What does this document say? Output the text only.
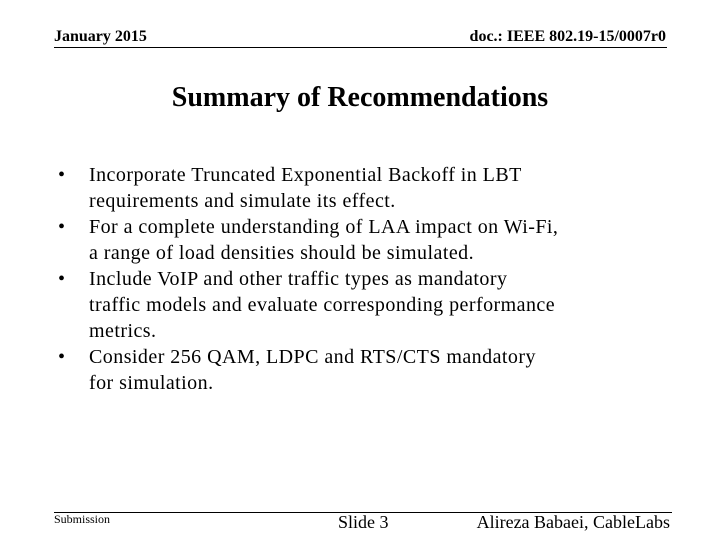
January 2015	doc.: IEEE 802.19-15/0007r0
Summary of Recommendations
•	Incorporate Truncated Exponential Backoff in LBT
requirements and simulate its effect.
•	For a complete understanding of LAA impact on Wi-Fi,
a range of load densities should be simulated.
•	Include VoIP and other traffic types as mandatory
traffic models and evaluate corresponding performance
metrics.
•	Consider 256 QAM, LDPC and RTS/CTS mandatory
for simulation.
Submission	Slide 3	Alireza Babaei, CableLabs
